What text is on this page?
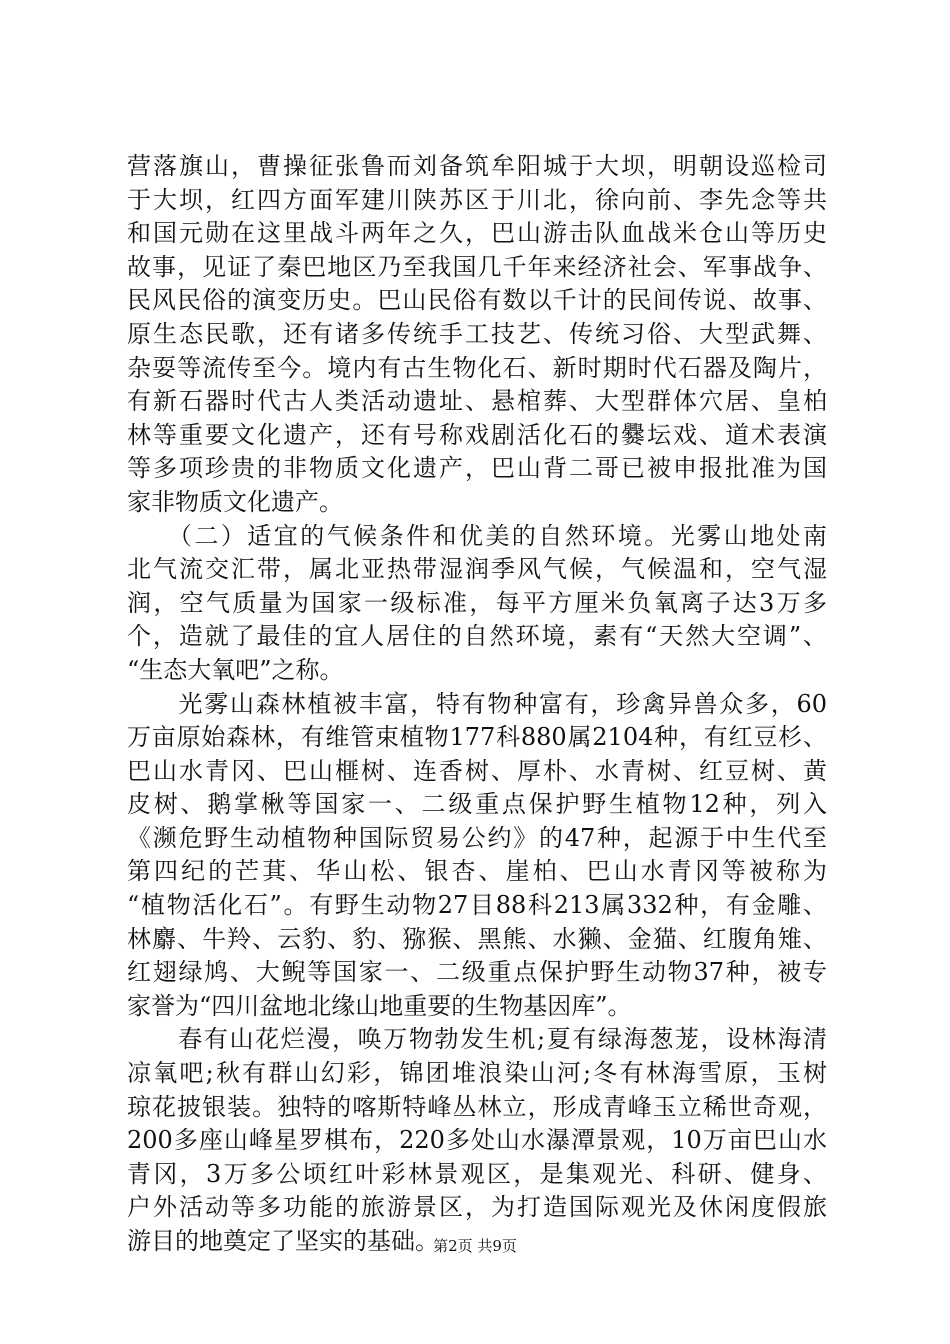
营落旗山，曹操征张鲁而刘备筑牟阳城于大坝，明朝设巡检司
于大坝，红四方面军建川陕苏区于川北，徐向前、李先念等共
和国元勋在这里战斗两年之久，巴山游击队血战米仓山等历史
故事，见证了秦巴地区乃至我国几千年来经济社会、军事战争、
民风民俗的演变历史。巴山民俗有数以千计的民间传说、故事、
原生态民歌，还有诸多传统手工技艺、传统习俗、大型武舞、
杂耍等流传至今。境内有古生物化石、新时期时代石器及陶片，
有新石器时代古人类活动遗址、悬棺葬、大型群体穴居、皇柏
林等重要文化遗产，还有号称戏剧活化石的爨坛戏、道术表演
等多项珍贵的非物质文化遗产，巴山背二哥已被申报批准为国
家非物质文化遗产。
　　（二）适宜的气候条件和优美的自然环境。光雾山地处南
北气流交汇带，属北亚热带湿润季风气候，气候温和，空气湿
润，空气质量为国家一级标准，每平方厘米负氧离子达3万多
个，造就了最佳的宜人居住的自然环境，素有“天然大空调”、
“生态大氧吧”之称。
　　光雾山森林植被丰富，特有物种富有，珍禽异兽众多，60
万亩原始森林，有维管束植物177科880属2104种，有红豆杉、
巴山水青冈、巴山榧树、连香树、厚朴、水青树、红豆树、黄
皮树、鹅掌楸等国家一、二级重点保护野生植物12种，列入
《濒危野生动植物种国际贸易公约》的47种，起源于中生代至
第四纪的芒萁、华山松、银杏、崖柏、巴山水青冈等被称为
“植物活化石”。有野生动物27目88科213属332种，有金雕、
林麝、牛羚、云豹、豹、猕猴、黑熊、水獭、金猫、红腹角雉、
红翅绿鸠、大鲵等国家一、二级重点保护野生动物37种，被专
家誉为“四川盆地北缘山地重要的生物基因库”。
　　春有山花烂漫，唤万物勃发生机;夏有绿海葱茏，设林海清
凉氧吧;秋有群山幻彩，锦团堆浪染山河;冬有林海雪原，玉树
琼花披银装。独特的喀斯特峰丛林立，形成青峰玉立稀世奇观，
200多座山峰星罗棋布，220多处山水瀑潭景观，10万亩巴山水
青冈，3万多公顷红叶彩林景观区，是集观光、科研、健身、
户外活动等多功能的旅游景区，为打造国际观光及休闲度假旅
游目的地奠定了坚实的基础。
第2页 共9页
